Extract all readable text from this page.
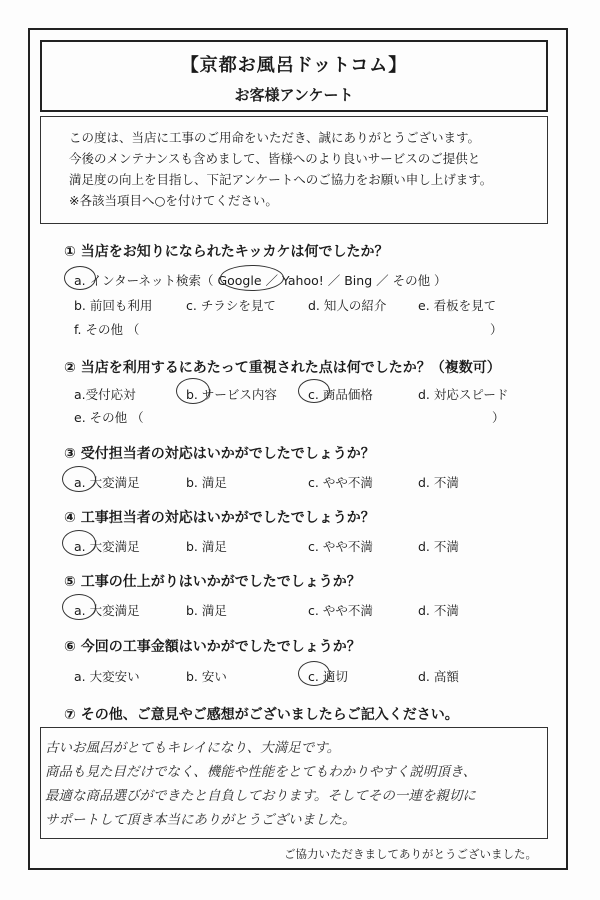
【京都お風呂ドットコム】
お客様アンケート
この度は、当店に工事のご用命をいただき、誠にありがとうございます。
今後のメンテナンスも含めまして、皆様へのより良いサービスのご提供と
満足度の向上を目指し、下記アンケートへのご協力をお願い申し上げます。
※各該当項目へ○を付けてください。
① 当店をお知りになられたキッカケは何でしたか？
a. インターネット検索（ Google ／ Yahoo! ／ Bing ／ その他 ）
b. 前回も利用	c. チラシを見て	d. 知人の紹介	e. 看板を見て
f. その他 （	）
② 当店を利用するにあたって重視された点は何でしたか？（複数可）
a.受付応対	b. サービス内容 c. 商品価格	d. 対応スピード
e. その他 （	）
③ 受付担当者の対応はいかがでしたでしょうか？
a. 大変満足	b. 満足	c. やや不満	d. 不満
④ 工事担当者の対応はいかがでしたでしょうか？
a. 大変満足	b. 満足	c. やや不満	d. 不満
⑤ 工事の仕上がりはいかがでしたでしょうか？
a. 大変満足	b. 満足	c. やや不満	d. 不満
⑥ 今回の工事金額はいかがでしたでしょうか？
a. 大変安い	b. 安い	c. 適切	d. 高額
⑦ その他、ご意見やご感想がございましたらご記入ください。
古いお風呂がとてもキレイになり、大満足です。
商品も見た目だけでなく、機能や性能をとてもわかりやすく説明頂き、
最適な商品選びができたと自負しております。そしてその一連を親切に
サポートして頂き本当にありがとうございました。
ご協力いただきましてありがとうございました。
